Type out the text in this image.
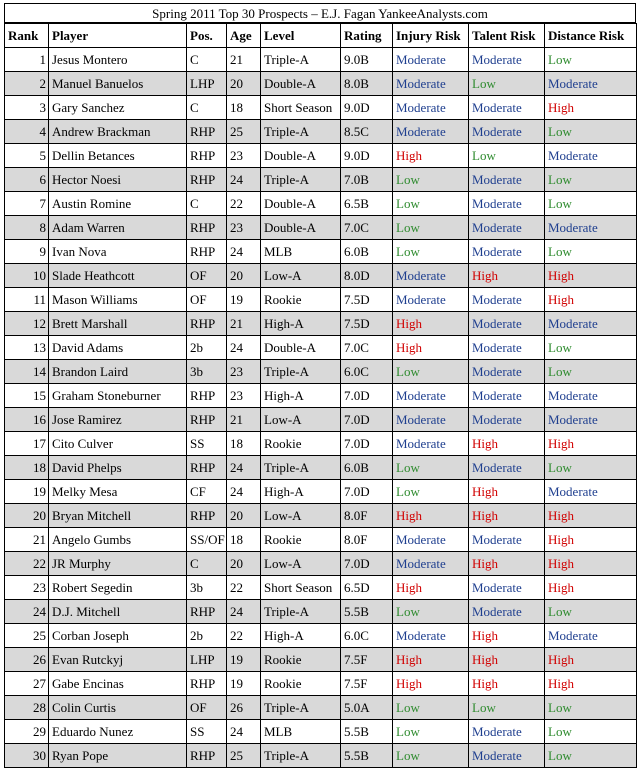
Spring 2011 Top 30 Prospects – E.J. Fagan YankeeAnalysts.com
Rank	Player	Pos.	Age	Level	Rating	Injury Risk	Talent Risk	Distance Risk
1	Jesus Montero	C	21	Triple-A	9.0B	Moderate	Moderate	Low
2	Manuel Banuelos	LHP	20	Double-A	8.0B	Moderate	Low	Moderate
3	Gary Sanchez	C	18	Short Season	9.0D	Moderate	Moderate	High
4	Andrew Brackman	RHP	25	Triple-A	8.5C	Moderate	Moderate	Low
5	Dellin Betances	RHP	23	Double-A	9.0D	High	Low	Moderate
6	Hector Noesi	RHP	24	Triple-A	7.0B	Low	Moderate	Low
7	Austin Romine	C	22	Double-A	6.5B	Low	Moderate	Low
8	Adam Warren	RHP	23	Double-A	7.0C	Low	Moderate	Moderate
9	Ivan Nova	RHP	24	MLB	6.0B	Low	Moderate	Low
10	Slade Heathcott	OF	20	Low-A	8.0D	Moderate	High	High
11	Mason Williams	OF	19	Rookie	7.5D	Moderate	Moderate	High
12	Brett Marshall	RHP	21	High-A	7.5D	High	Moderate	Moderate
13	David Adams	2b	24	Double-A	7.0C	High	Moderate	Low
14	Brandon Laird	3b	23	Triple-A	6.0C	Low	Moderate	Low
15	Graham Stoneburner	RHP	23	High-A	7.0D	Moderate	Moderate	Moderate
16	Jose Ramirez	RHP	21	Low-A	7.0D	Moderate	Moderate	Moderate
17	Cito Culver	SS	18	Rookie	7.0D	Moderate	High	High
18	David Phelps	RHP	24	Triple-A	6.0B	Low	Moderate	Low
19	Melky Mesa	CF	24	High-A	7.0D	Low	High	Moderate
20	Bryan Mitchell	RHP	20	Low-A	8.0F	High	High	High
21	Angelo Gumbs	SS/OF	18	Rookie	8.0F	Moderate	Moderate	High
22	JR Murphy	C	20	Low-A	7.0D	Moderate	High	High
23	Robert Segedin	3b	22	Short Season	6.5D	High	Moderate	High
24	D.J. Mitchell	RHP	24	Triple-A	5.5B	Low	Moderate	Low
25	Corban Joseph	2b	22	High-A	6.0C	Moderate	High	Moderate
26	Evan Rutckyj	LHP	19	Rookie	7.5F	High	High	High
27	Gabe Encinas	RHP	19	Rookie	7.5F	High	High	High
28	Colin Curtis	OF	26	Triple-A	5.0A	Low	Low	Low
29	Eduardo Nunez	SS	24	MLB	5.5B	Low	Moderate	Low
30	Ryan Pope	RHP	25	Triple-A	5.5B	Low	Moderate	Low
